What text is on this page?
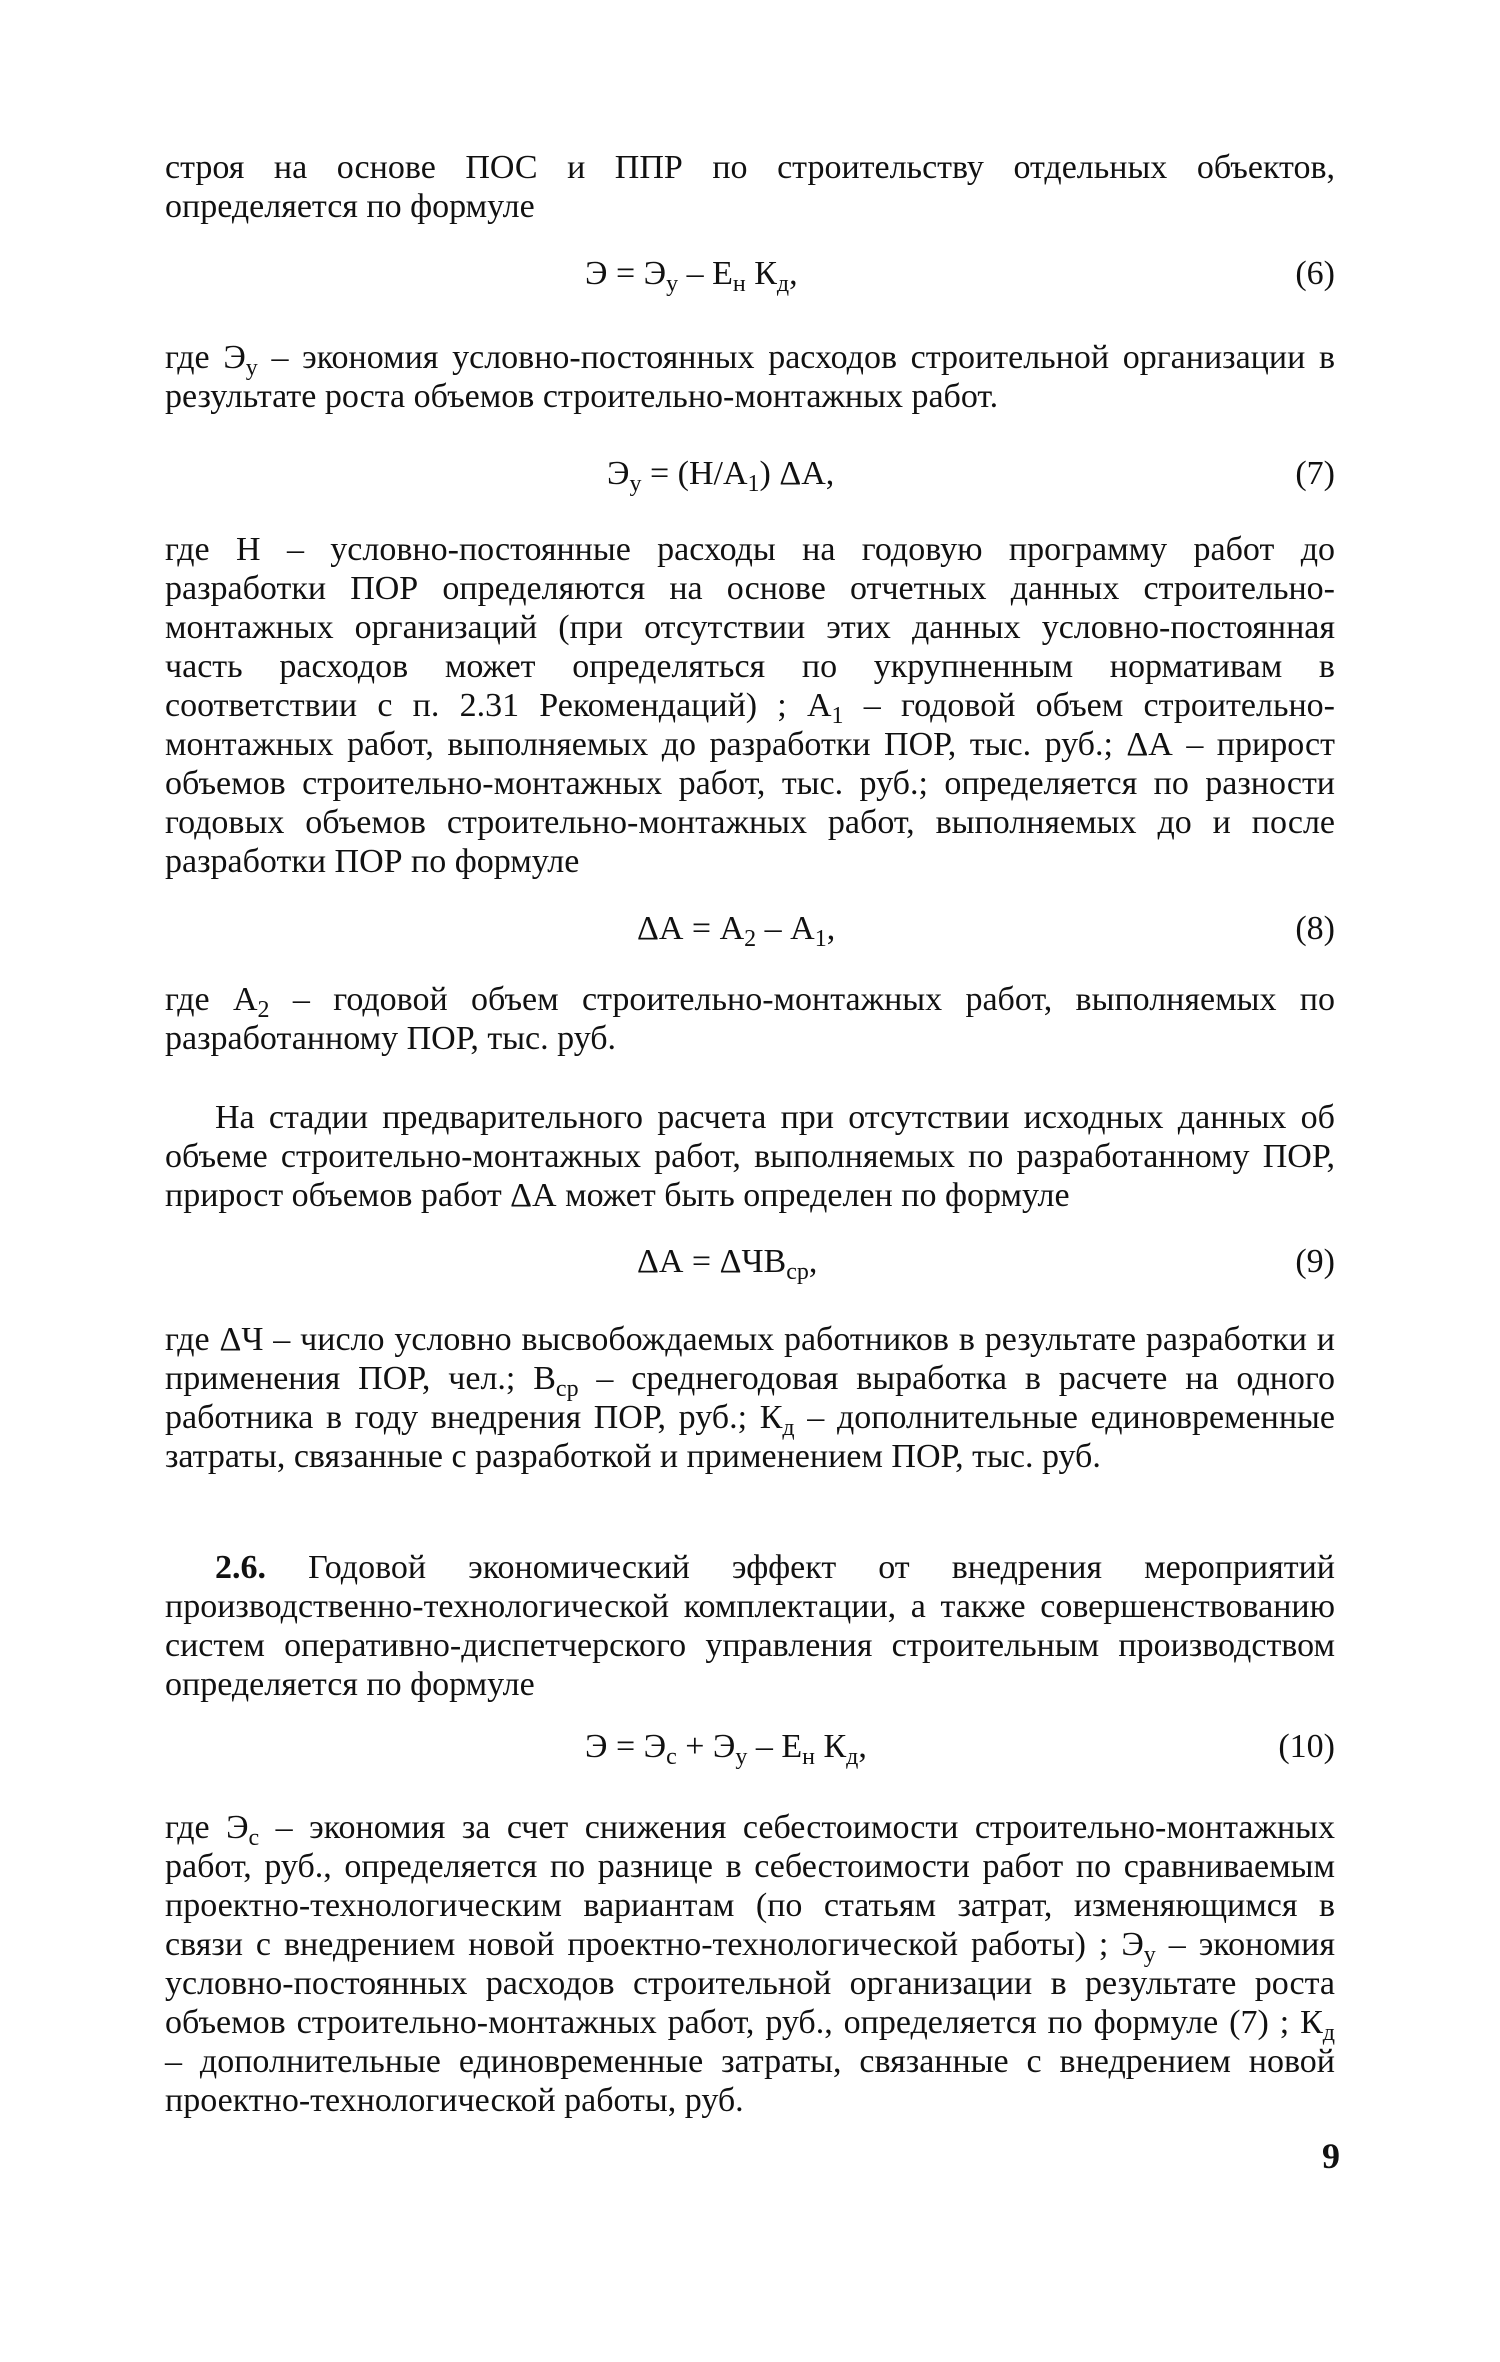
строя на основе ПОС и ППР по строительству отдельных объектов, определяется по формуле

$Э = Э_у - Е_н$ $К_д$,	(6)

где $Э_у$ – экономия условно-постоянных расходов строительной организации в результате роста объемов строительно-монтажных работ.

$Э_у = (Н/А_1)$ ΔА,	(7)

где Н – условно-постоянные расходы на годовую программу работ до разработки ПОР определяются на основе отчетных данных строительно-монтажных организаций (при отсутствии этих данных условно-постоянная часть расходов может определяться по укрупненным нормативам в соответствии с п. 2.31 Рекомендаций) ; $А_1$ – годовой объем строительно-монтажных работ, выполняемых до разработки ПОР, тыс. руб.; ΔА – прирост объемов строительно-монтажных работ, тыс. руб.; определяется по разности годовых объемов строительно-монтажных работ, выполняемых до и после разработки ПОР по формуле

$\Delta А = А_2 - А_1$,	(8)

где $А_2$ – годовой объем строительно-монтажных работ, выполняемых по разработанному ПОР, тыс. руб.

На стадии предварительного расчета при отсутствии исходных данных об объеме строительно-монтажных работ, выполняемых по разработанному ПОР, прирост объемов работ ΔА может быть определен по формуле

$\Delta А = \Delta ЧВ_{ср}$,	(9)

где ΔЧ – число условно высвобождаемых работников в результате разработки и применения ПОР, чел.; $В_{ср}$ – среднегодовая выработка в расчете на одного работника в году внедрения ПОР, руб.; $К_д$ – дополнительные единовременные затраты, связанные с разработкой и применением ПОР, тыс. руб.

2.6. Годовой экономический эффект от внедрения мероприятий производственно-технологической комплектации, а также совершенствованию систем оперативно-диспетчерского управления строительным производством определяется по формуле

$Э = Э_с + Э_у - Е_н$ $К_д$,	(10)

где $Э_с$ – экономия за счет снижения себестоимости строительно-монтажных работ, руб., определяется по разнице в себестоимости работ по сравниваемым проектно-технологическим вариантам (по статьям затрат, изменяющимся в связи с внедрением новой проектно-технологической работы) ; $Э_у$ – экономия условно-постоянных расходов строительной организации в результате роста объемов строительно-монтажных работ, руб., определяется по формуле (7) ; $К_д$ – дополнительные единовременные затраты, связанные с внедрением новой проектно-технологической работы, руб.

9
